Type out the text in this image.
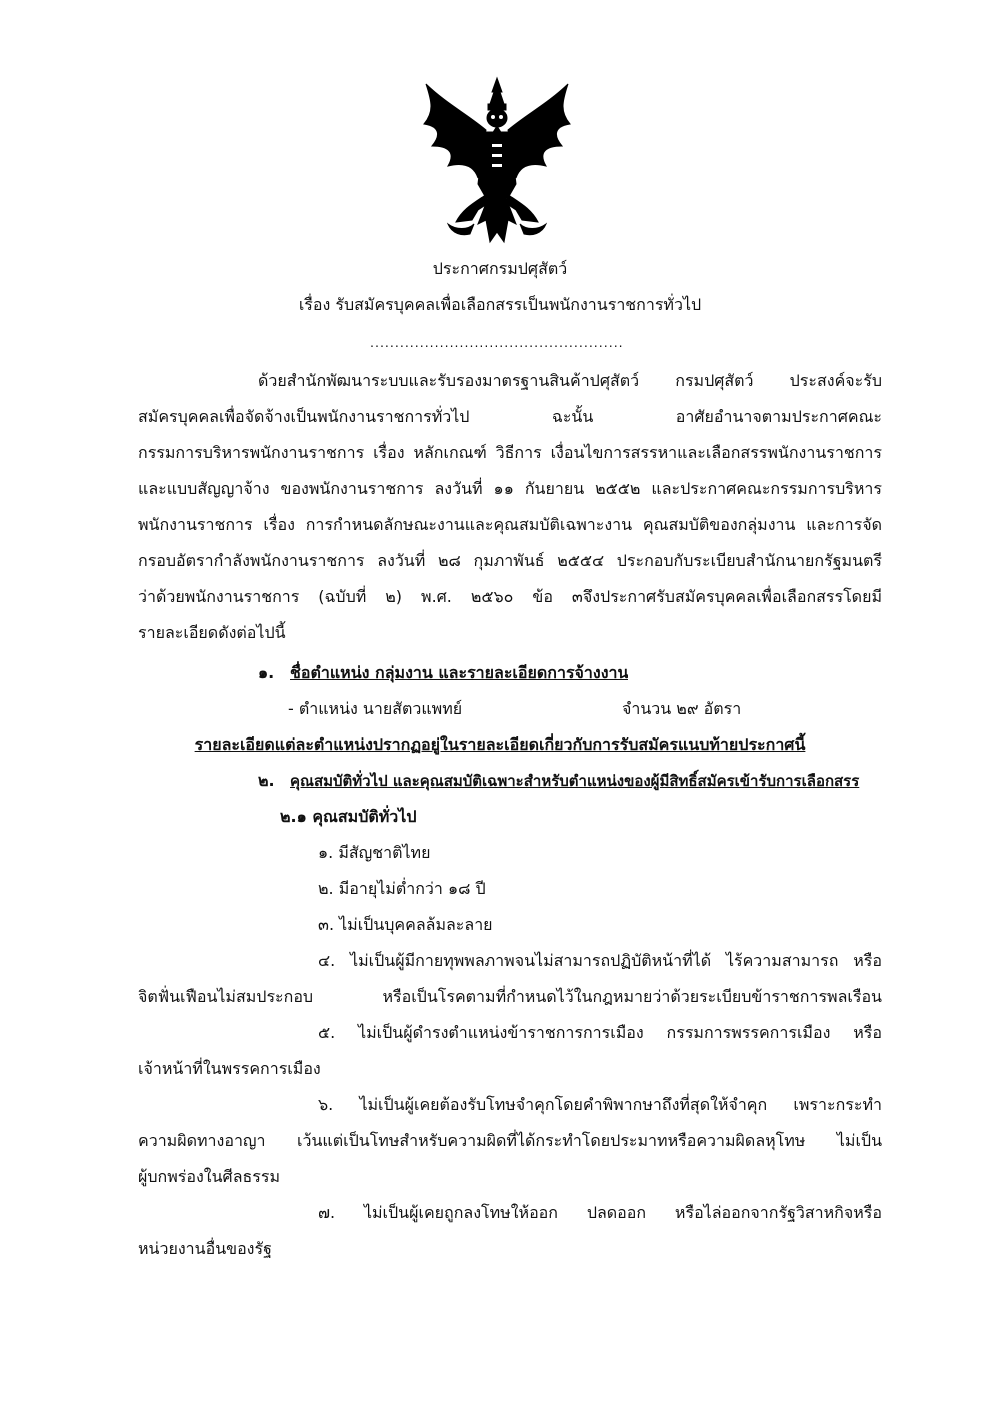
ประกาศกรมปศุสัตว์

เรื่อง รับสมัครบุคคลเพื่อเลือกสรรเป็นพนักงานราชการทั่วไป

...................................................

ด้วยสำนักพัฒนาระบบและรับรองมาตรฐานสินค้าปศุสัตว์ กรมปศุสัตว์ ประสงค์จะรับ

สมัครบุคคลเพื่อจัดจ้างเป็นพนักงานราชการทั่วไป ฉะนั้น อาศัยอำนาจตามประกาศคณะ

กรรมการบริหารพนักงานราชการ เรื่อง หลักเกณฑ์ วิธีการ เงื่อนไขการสรรหาและเลือกสรรพนักงานราชการ

และแบบสัญญาจ้าง ของพนักงานราชการ ลงวันที่ ๑๑ กันยายน ๒๕๕๒ และประกาศคณะกรรมการบริหาร

พนักงานราชการ เรื่อง การกำหนดลักษณะงานและคุณสมบัติเฉพาะงาน คุณสมบัติของกลุ่มงาน และการจัด

กรอบอัตรากำลังพนักงานราชการ ลงวันที่ ๒๘ กุมภาพันธ์ ๒๕๕๔ ประกอบกับระเบียบสำนักนายกรัฐมนตรี

ว่าด้วยพนักงานราชการ (ฉบับที่ ๒) พ.ศ. ๒๕๖๐ ข้อ ๓จึงประกาศรับสมัครบุคคลเพื่อเลือกสรรโดยมี

รายละเอียดดังต่อไปนี้

๑. ชื่อตำแหน่ง กลุ่มงาน และรายละเอียดการจ้างงาน

- ตำแหน่ง นายสัตวแพทย์	จำนวน ๒๙ อัตรา

รายละเอียดแต่ละตำแหน่งปรากฏอยู่ในรายละเอียดเกี่ยวกับการรับสมัครแนบท้ายประกาศนี้

๒. คุณสมบัติทั่วไป และคุณสมบัติเฉพาะสำหรับตำแหน่งของผู้มีสิทธิ์สมัครเข้ารับการเลือกสรร

๒.๑ คุณสมบัติทั่วไป

๑. มีสัญชาติไทย

๒. มีอายุไม่ต่ำกว่า ๑๘ ปี

๓. ไม่เป็นบุคคลล้มละลาย

๔. ไม่เป็นผู้มีกายทุพพลภาพจนไม่สามารถปฏิบัติหน้าที่ได้ ไร้ความสามารถ หรือ

จิตฟั่นเฟือนไม่สมประกอบ หรือเป็นโรคตามที่กำหนดไว้ในกฎหมายว่าด้วยระเบียบข้าราชการพลเรือน

๕. ไม่เป็นผู้ดำรงตำแหน่งข้าราชการการเมือง กรรมการพรรคการเมือง หรือ

เจ้าหน้าที่ในพรรคการเมือง

๖. ไม่เป็นผู้เคยต้องรับโทษจำคุกโดยคำพิพากษาถึงที่สุดให้จำคุก เพราะกระทำ

ความผิดทางอาญา เว้นแต่เป็นโทษสำหรับความผิดที่ได้กระทำโดยประมาทหรือความผิดลหุโทษ ไม่เป็น

ผู้บกพร่องในศีลธรรม

๗. ไม่เป็นผู้เคยถูกลงโทษให้ออก ปลดออก หรือไล่ออกจากรัฐวิสาหกิจหรือ

หน่วยงานอื่นของรัฐ
